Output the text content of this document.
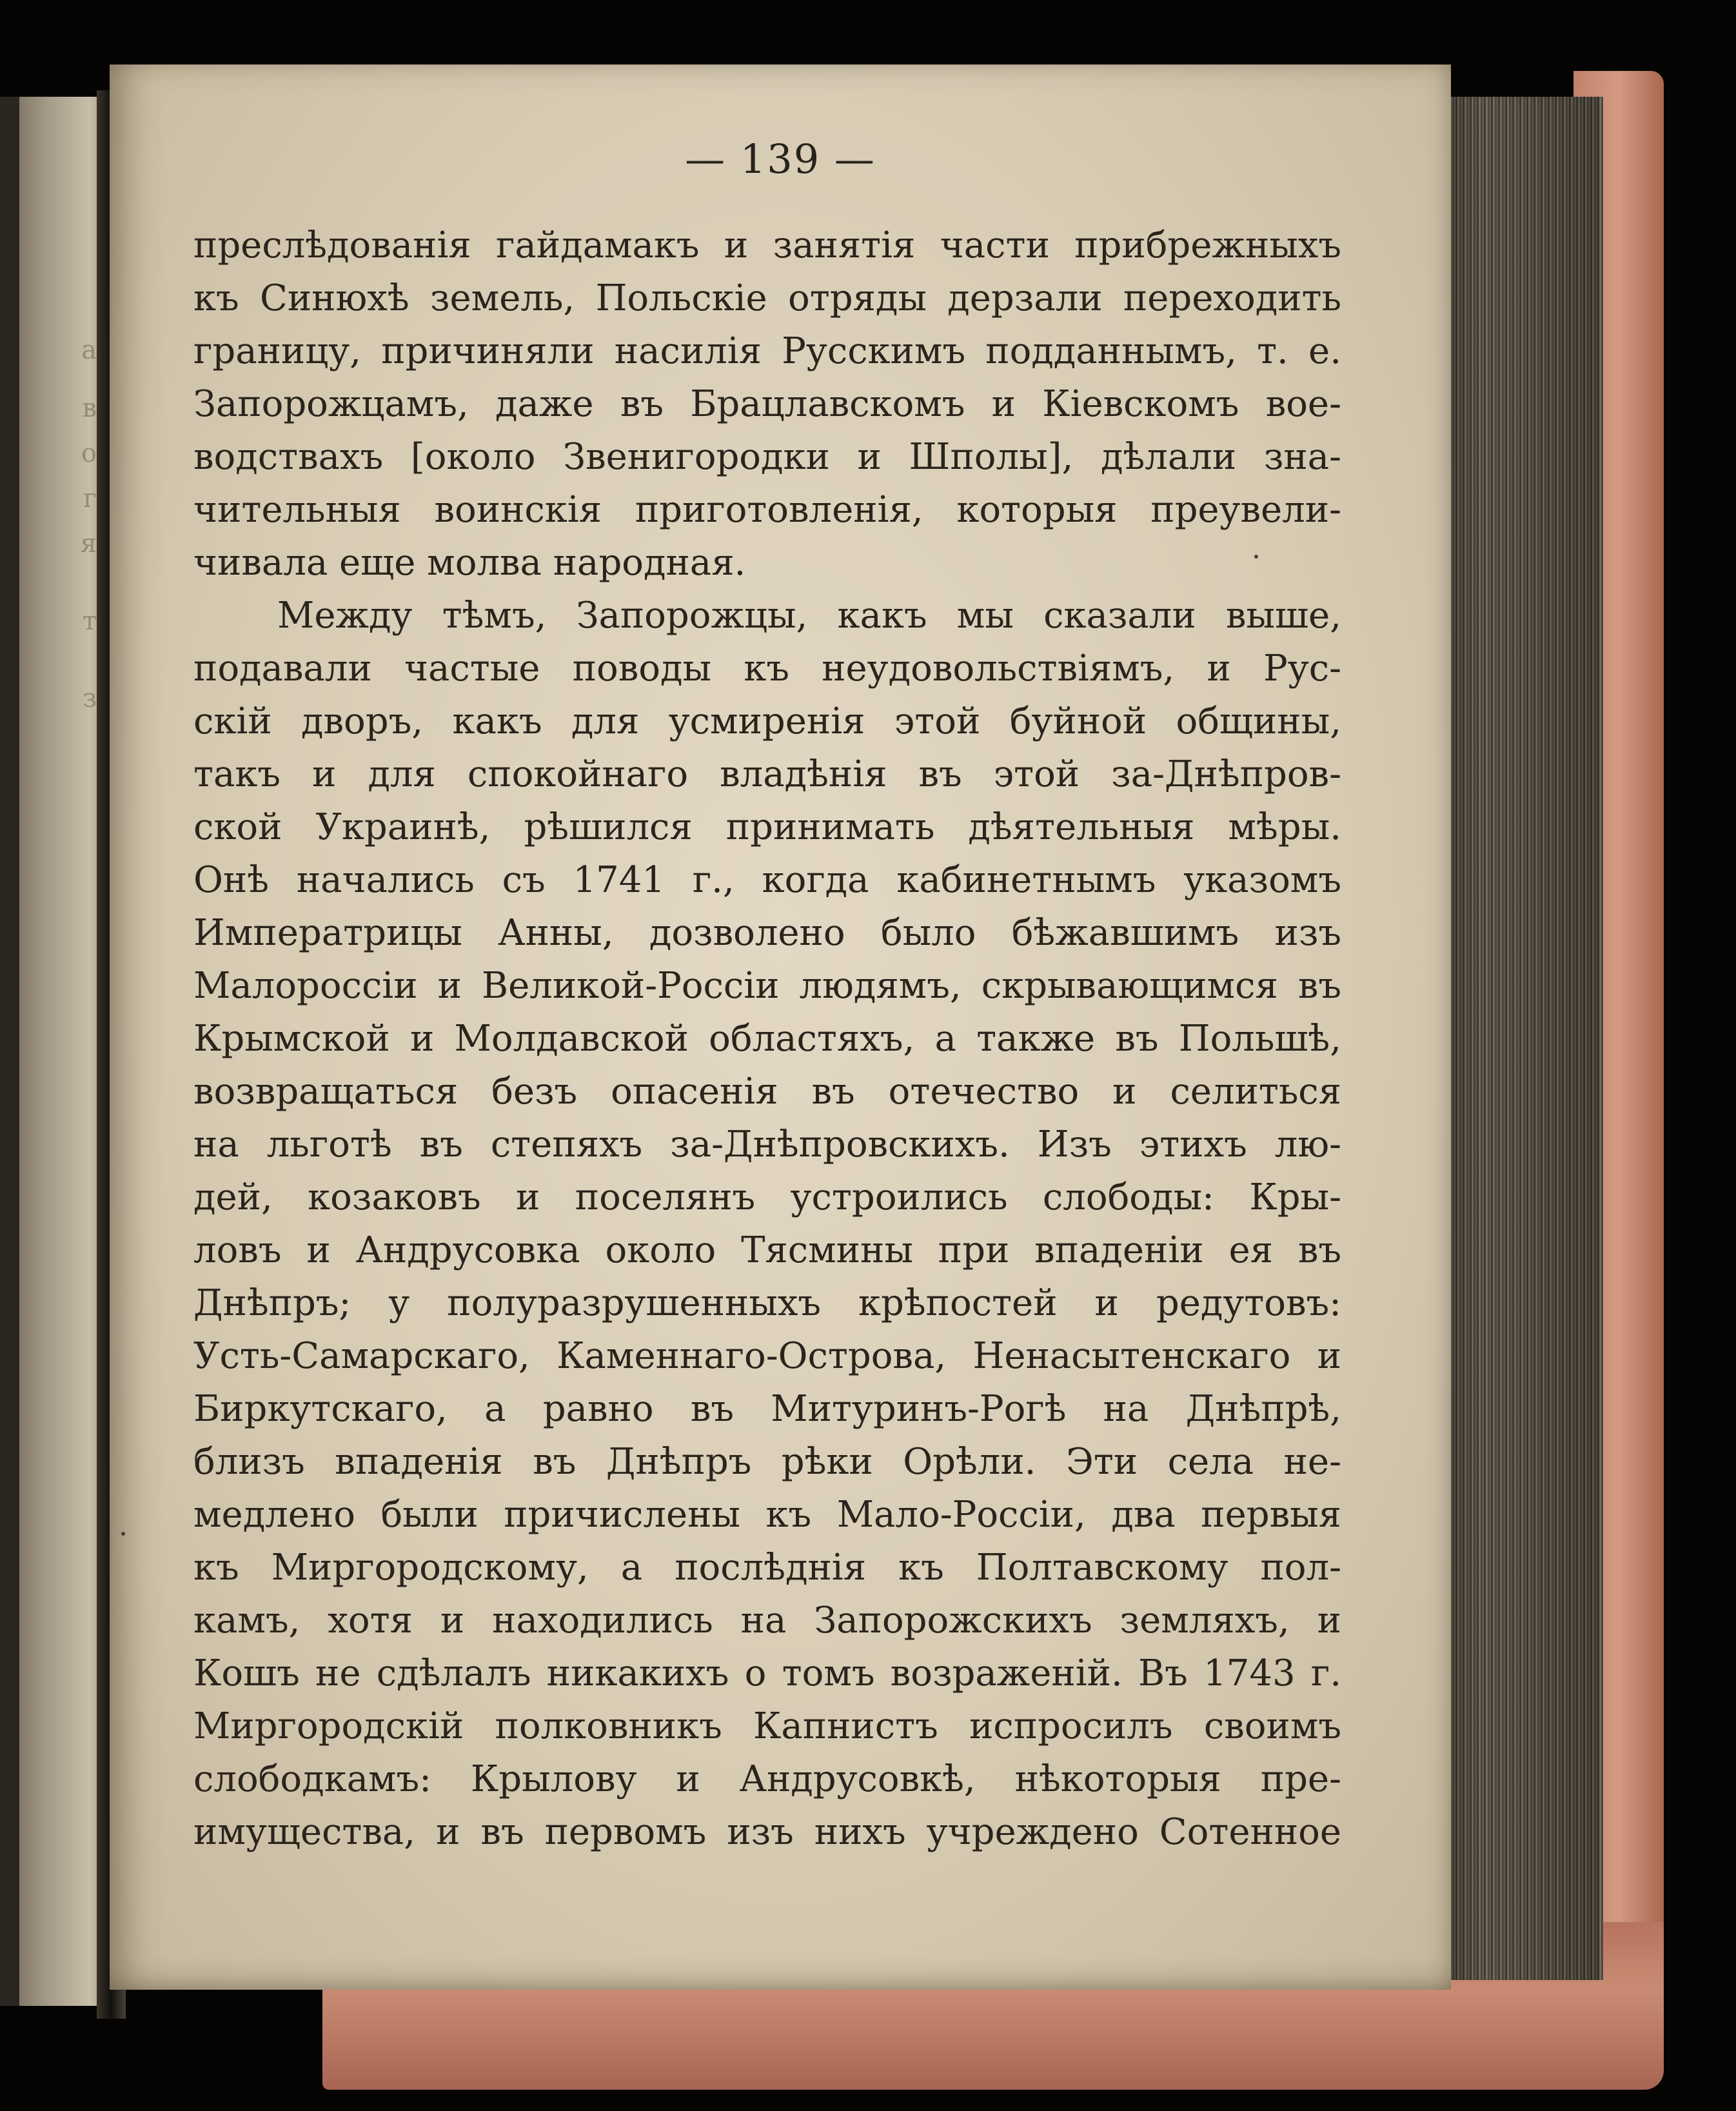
а
в
о
г
я
т
з
— 139 —
преслѣдованія гайдамакъ и занятія части прибрежныхъ
къ Синюхѣ земель, Польскіе отряды дерзали переходить
границу, причиняли насилія Русскимъ подданнымъ, т. е.
Запорожцамъ, даже въ Брацлавскомъ и Кіевскомъ вое-
водствахъ [около Звенигородки и Шполы], дѣлали зна-
чительныя воинскія приготовленія, которыя преувели-
чивала еще молва народная.
Между тѣмъ, Запорожцы, какъ мы сказали выше,
подавали частые поводы къ неудовольствіямъ, и Рус-
скій дворъ, какъ для усмиренія этой буйной общины,
такъ и для спокойнаго владѣнія въ этой за-Днѣпров-
ской Украинѣ, рѣшился принимать дѣятельныя мѣры.
Онѣ начались съ 1741 г., когда кабинетнымъ указомъ
Императрицы Анны, дозволено было бѣжавшимъ изъ
Малороссіи и Великой-Россіи людямъ, скрывающимся въ
Крымской и Молдавской областяхъ, а также въ Польшѣ,
возвращаться безъ опасенія въ отечество и селиться
на льготѣ въ степяхъ за-Днѣпровскихъ. Изъ этихъ лю-
дей, козаковъ и поселянъ устроились слободы: Кры-
ловъ и Андрусовка около Тясмины при впаденіи ея въ
Днѣпръ; у полуразрушенныхъ крѣпостей и редутовъ:
Усть-Самарскаго, Каменнаго-Острова, Ненасытенскаго и
Биркутскаго, а равно въ Митуринъ-Рогѣ на Днѣпрѣ,
близъ впаденія въ Днѣпръ рѣки Орѣли. Эти села не-
медлено были причислены къ Мало-Россіи, два первыя
къ Миргородскому, а послѣднія къ Полтавскому пол-
камъ, хотя и находились на Запорожскихъ земляхъ, и
Кошъ не сдѣлалъ никакихъ о томъ возраженій. Въ 1743 г.
Миргородскій полковникъ Капнистъ испросилъ своимъ
слободкамъ: Крылову и Андрусовкѣ, нѣкоторыя пре-
имущества, и въ первомъ изъ нихъ учреждено Сотенное
